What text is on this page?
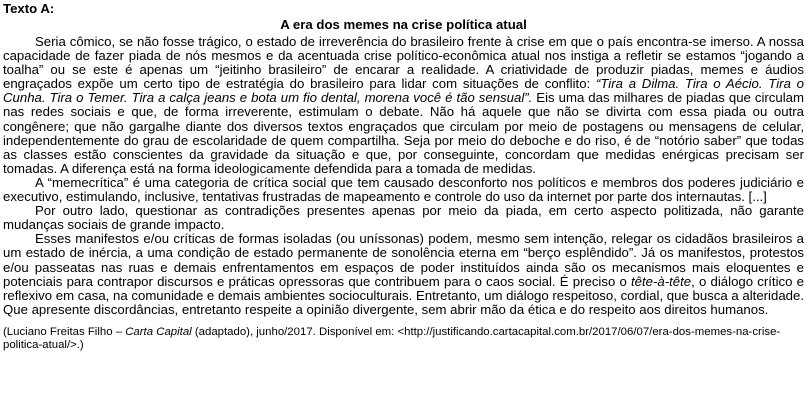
Texto A:
A era dos memes na crise política atual

Seria cômico, se não fosse trágico, o estado de irreverência do brasileiro frente à crise em que o país encontra-se imerso. A nossa capacidade de fazer piada de nós mesmos e da acentuada crise político-econômica atual nos instiga a refletir se estamos “jogando a toalha” ou se este é apenas um “jeitinho brasileiro” de encarar a realidade. A criatividade de produzir piadas, memes e áudios engraçados expõe um certo tipo de estratégia do brasileiro para lidar com situações de conflito: “Tira a Dilma. Tira o Aécio. Tira o Cunha. Tira o Temer. Tira a calça jeans e bota um fio dental, morena você é tão sensual”. Eis uma das milhares de piadas que circulam nas redes sociais e que, de forma irreverente, estimulam o debate. Não há aquele que não se divirta com essa piada ou outra congênere; que não gargalhe diante dos diversos textos engraçados que circulam por meio de postagens ou mensagens de celular, independentemente do grau de escolaridade de quem compartilha. Seja por meio do deboche e do riso, é de “notório saber” que todas as classes estão conscientes da gravidade da situação e que, por conseguinte, concordam que medidas enérgicas precisam ser tomadas. A diferença está na forma ideologicamente defendida para a tomada de medidas.

A “memecrítica” é uma categoria de crítica social que tem causado desconforto nos políticos e membros dos poderes judiciário e executivo, estimulando, inclusive, tentativas frustradas de mapeamento e controle do uso da internet por parte dos internautas. [...]

Por outro lado, questionar as contradições presentes apenas por meio da piada, em certo aspecto politizada, não garante mudanças sociais de grande impacto.

Esses manifestos e/ou críticas de formas isoladas (ou uníssonas) podem, mesmo sem intenção, relegar os cidadãos brasileiros a um estado de inércia, a uma condição de estado permanente de sonolência eterna em “berço esplêndido”. Já os manifestos, protestos e/ou passeatas nas ruas e demais enfrentamentos em espaços de poder instituídos ainda são os mecanismos mais eloquentes e potenciais para contrapor discursos e práticas opressoras que contribuem para o caos social. É preciso o tête-à-tête, o diálogo crítico e reflexivo em casa, na comunidade e demais ambientes socioculturais. Entretanto, um diálogo respeitoso, cordial, que busca a alteridade. Que apresente discordâncias, entretanto respeite a opinião divergente, sem abrir mão da ética e do respeito aos direitos humanos.

(Luciano Freitas Filho – Carta Capital (adaptado), junho/2017. Disponível em: <http://justificando.cartacapital.com.br/2017/06/07/era-dos-memes-na-crise-politica-atual/>.)
